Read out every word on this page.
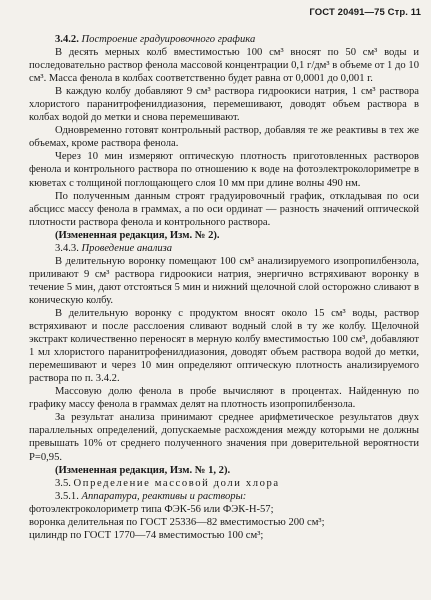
ГОСТ 20491—75 Стр. 11

3.4.2. Построение градуировочного графика

В десять мерных колб вместимостью 100 см³ вносят по 50 см³ воды и последовательно раствор фенола массовой концентрации 0,1 г/дм³ в объеме от 1 до 10 см³. Масса фенола в колбах соответственно будет равна от 0,0001 до 0,001 г.

В каждую колбу добавляют 9 см³ раствора гидроокиси натрия, 1 см³ раствора хлористого паранитрофенилдиазония, перемешивают, доводят объем раствора в колбах водой до метки и снова перемешивают.

Одновременно готовят контрольный раствор, добавляя те же реактивы в тех же объемах, кроме раствора фенола.

Через 10 мин измеряют оптическую плотность приготовленных растворов фенола и контрольного раствора по отношению к воде на фотоэлектроколориметре в кюветах с толщиной поглощающего слоя 10 мм при длине волны 490 нм.

По полученным данным строят градуировочный график, откладывая по оси абсцисс массу фенола в граммах, а по оси ординат — разность значений оптической плотности раствора фенола и контрольного раствора.

(Измененная редакция, Изм. № 2).

3.4.3. Проведение анализа

В делительную воронку помещают 100 см³ анализируемого изопропилбензола, приливают 9 см³ раствора гидроокиси натрия, энергично встряхивают воронку в течение 5 мин, дают отстояться 5 мин и нижний щелочной слой осторожно сливают в коническую колбу.

В делительную воронку с продуктом вносят около 15 см³ воды, раствор встряхивают и после расслоения сливают водный слой в ту же колбу. Щелочной экстракт количественно переносят в мерную колбу вместимостью 100 см³, добавляют 1 мл хлористого паранитрофенилдиазония, доводят объем раствора водой до метки, перемешивают и через 10 мин определяют оптическую плотность анализируемого раствора по п. 3.4.2.

Массовую долю фенола в пробе вычисляют в процентах. Найденную по графику массу фенола в граммах делят на плотность изопропилбензола.

За результат анализа принимают среднее арифметическое результатов двух параллельных определений, допускаемые расхождения между которыми не должны превышать 10% от среднего полученного значения при доверительной вероятности P=0,95.

(Измененная редакция, Изм. № 1, 2).

3.5. Определение массовой доли хлора

3.5.1. Аппаратура, реактивы и растворы:

фотоэлектроколориметр типа ФЭК-56 или ФЭК-Н-57;

воронка делительная по ГОСТ 25336—82 вместимостью 200 см³;

цилиндр по ГОСТ 1770—74 вместимостью 100 см³;
